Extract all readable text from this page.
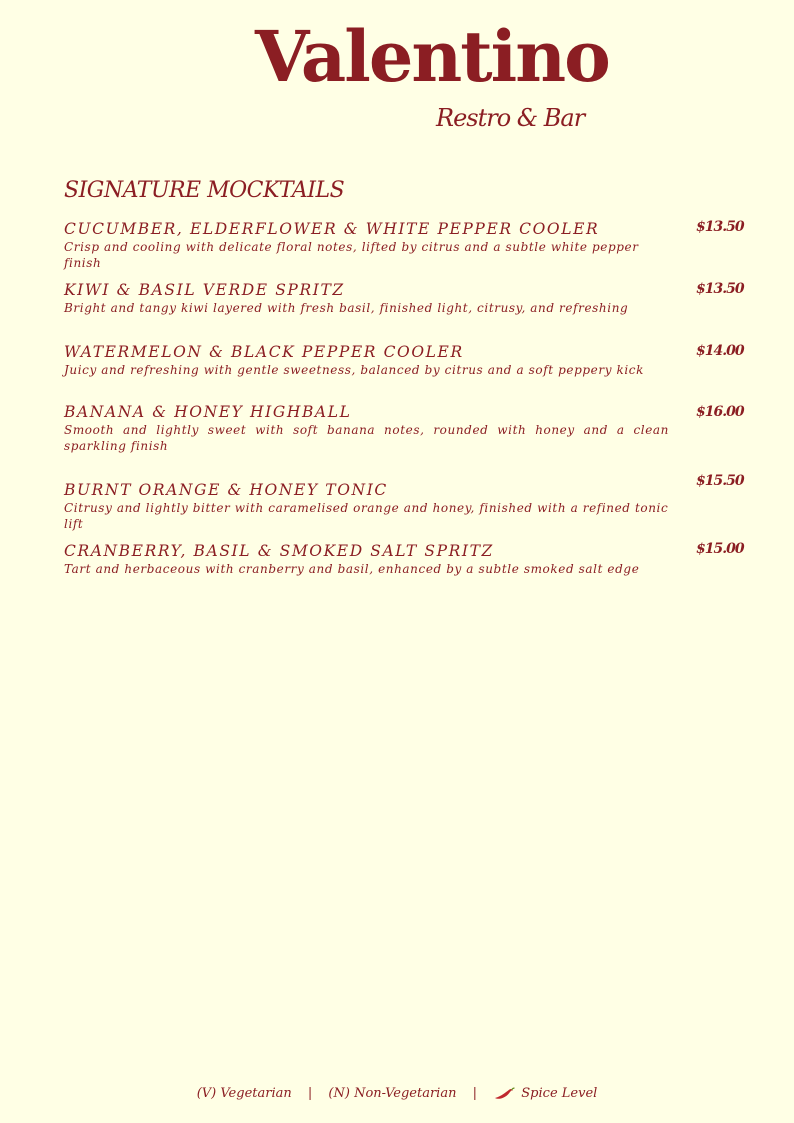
Valentino
Restro & Bar
SIGNATURE MOCKTAILS
CUCUMBER, ELDERFLOWER & WHITE PEPPER COOLER
Crisp and cooling with delicate floral notes, lifted by citrus and a subtle white pepper finish
$13.50
KIWI & BASIL VERDE SPRITZ
Bright and tangy kiwi layered with fresh basil, finished light, citrusy, and refreshing
$13.50
WATERMELON & BLACK PEPPER COOLER
Juicy and refreshing with gentle sweetness, balanced by citrus and a soft peppery kick
$14.00
BANANA & HONEY HIGHBALL
Smooth and lightly sweet with soft banana notes, rounded with honey and a clean sparkling finish
$16.00
BURNT ORANGE & HONEY TONIC
Citrusy and lightly bitter with caramelised orange and honey, finished with a refined tonic lift
$15.50
CRANBERRY, BASIL & SMOKED SALT SPRITZ
Tart and herbaceous with cranberry and basil, enhanced by a subtle smoked salt edge
$15.00
(V) Vegetarian | (N) Non-Vegetarian |	Spice Level
